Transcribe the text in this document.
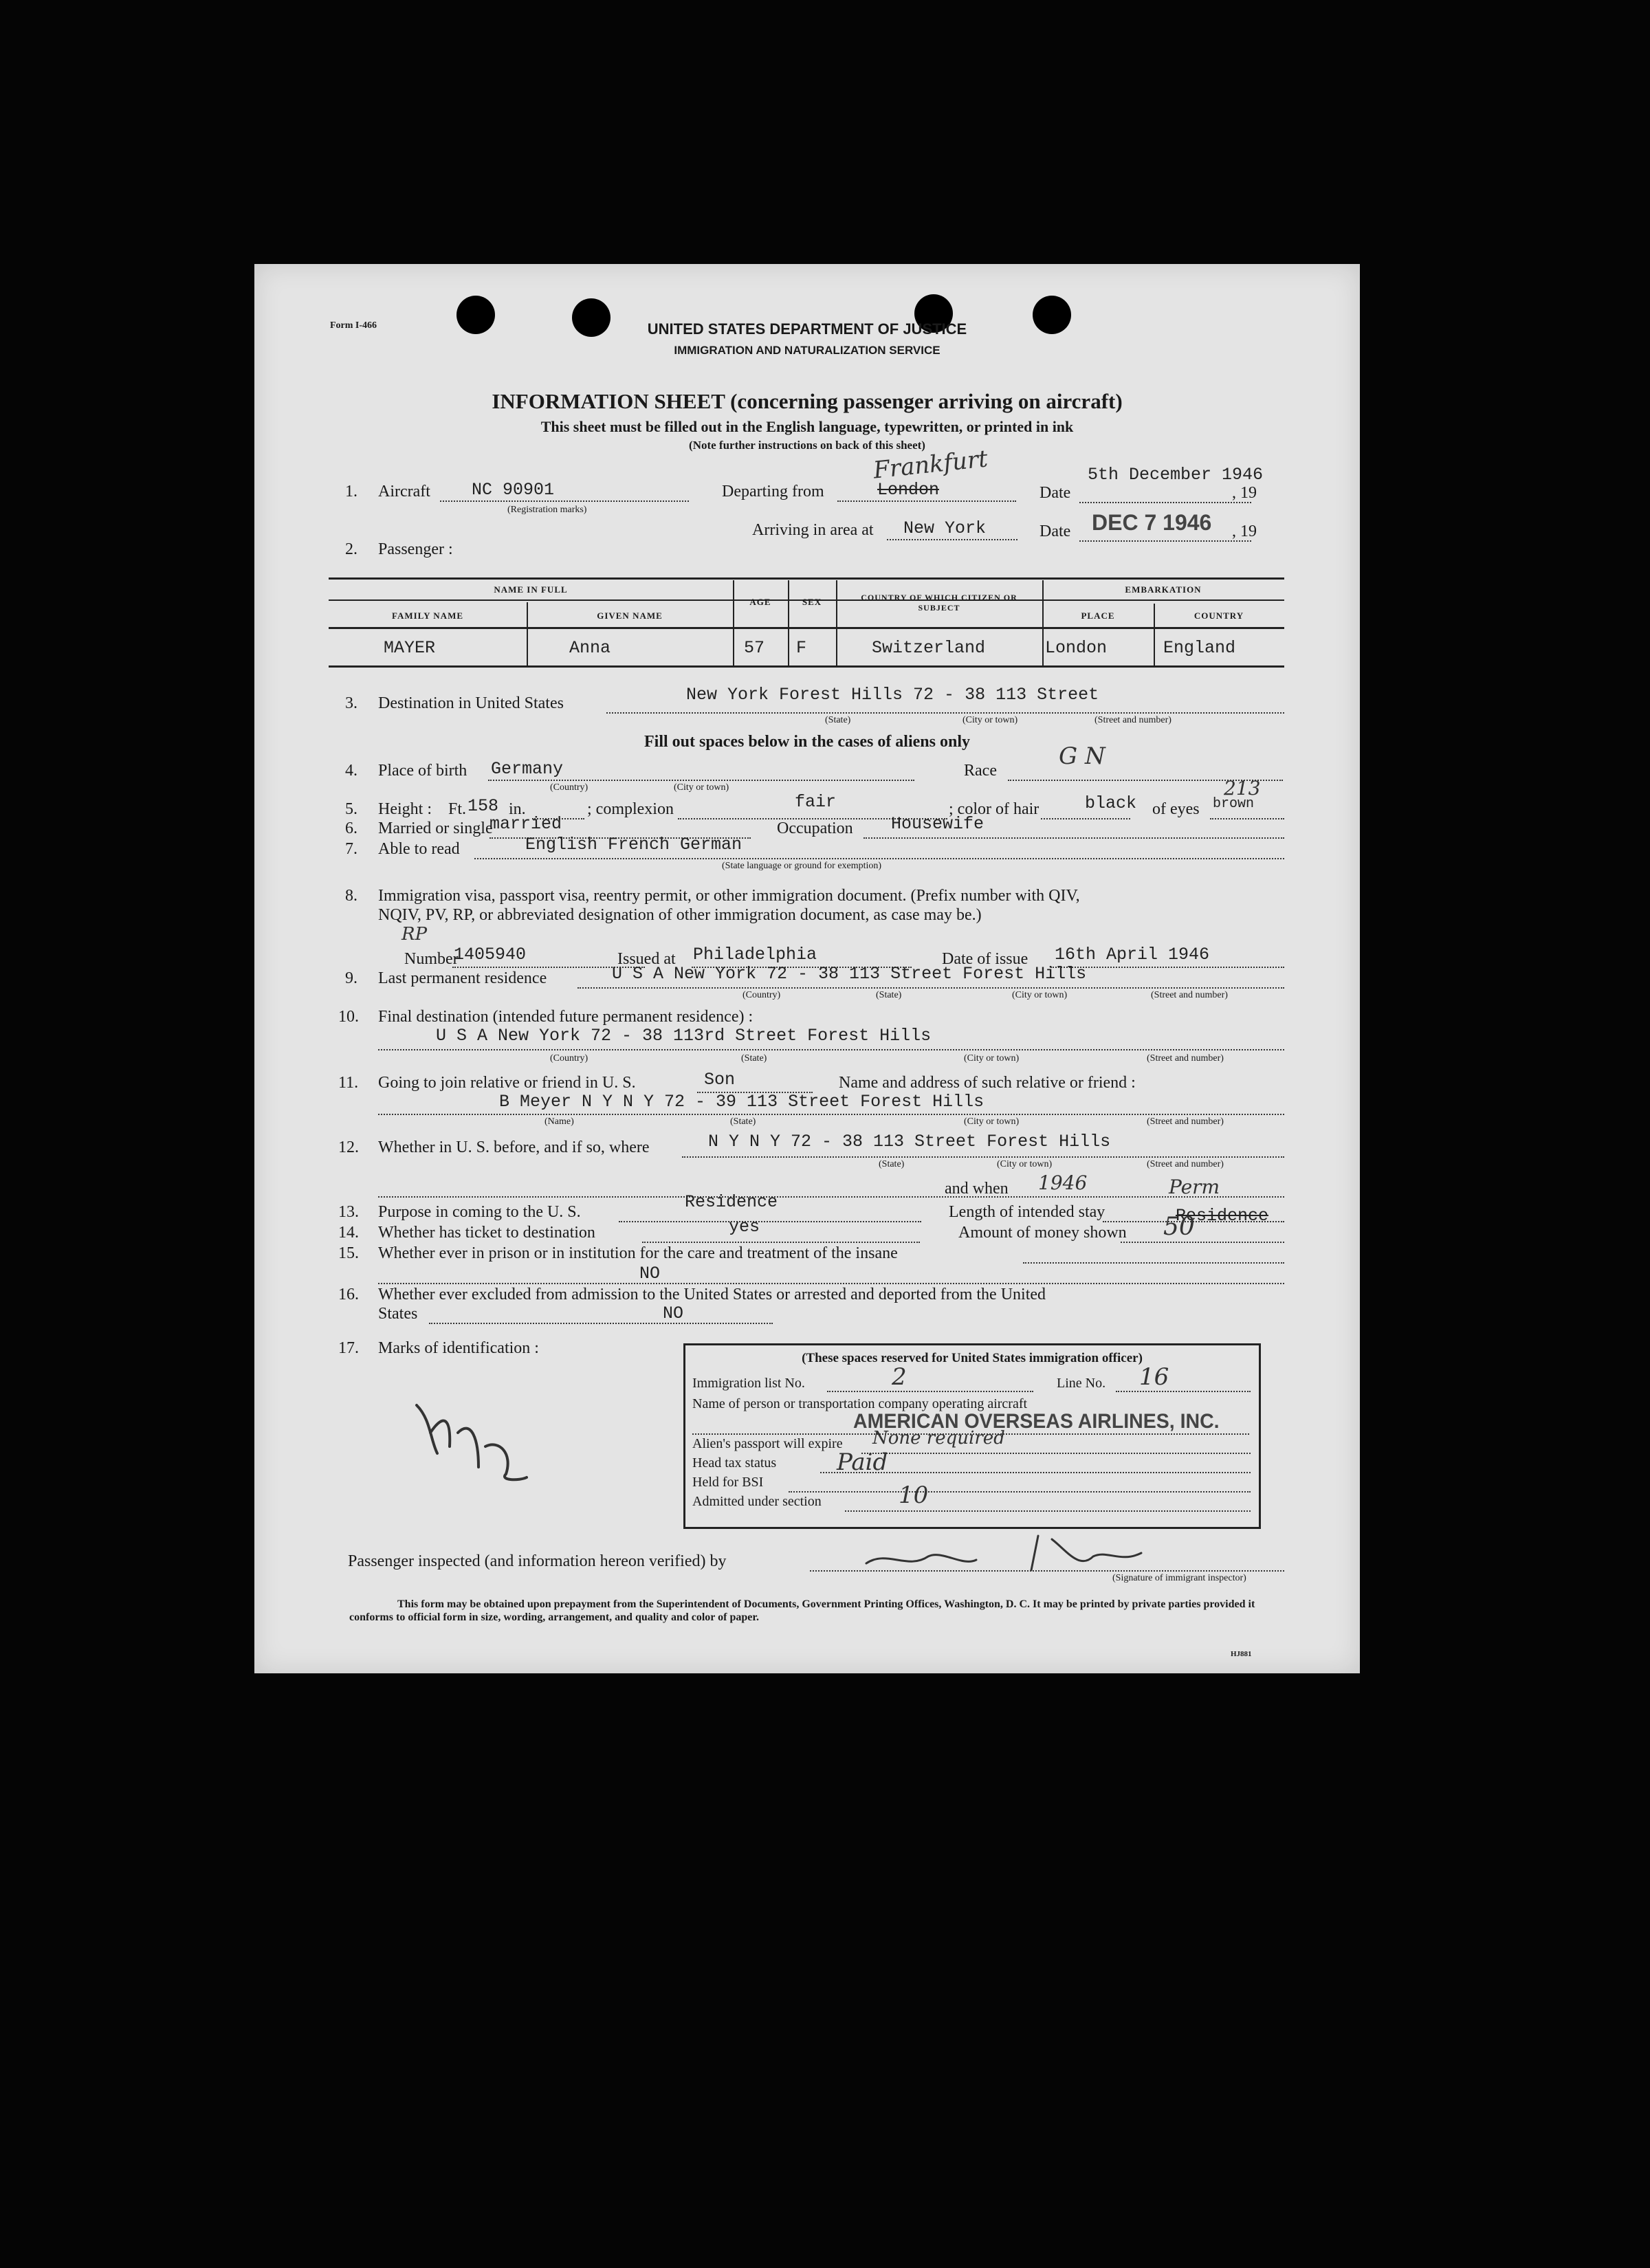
Form I-466	UNITED STATES DEPARTMENT OF JUSTICE
IMMIGRATION AND NATURALIZATION SERVICE
INFORMATION SHEET (concerning passenger arriving on aircraft)
This sheet must be filled out in the English language, typewritten, or printed in ink
(Note further instructions on back of this sheet)
1. Aircraft NC 90901
(Registration marks)
Departing from	London
Frankfurt
Date
5th December 1946
, 19
Arriving in area at New York	Date DEC 7 1946 , 19
2. Passenger :
NAME IN FULL
FAMILY NAME	GIVEN NAME
AGE	SEX	COUNTRY OF WHICH CITIZEN OR SUBJECT
EMBARKATION
PLACE	COUNTRY
MAYER	Anna	57 F	Switzerland	London	England
3. Destination in United States	New York Forest Hills 72 - 38 113 Street
(State)	(City or town)	(Street and number)
Fill out spaces below in the cases of aliens only
4. Place of birth Germany
(Country)	(City or town)
Race
G N
5. Height : Ft. 158 in.	; complexion	fair	; color of hair	black of eyes brown
213
6. Married or single
married	Occupation Housewife
7. Able to read	English French German
(State language or ground for exemption)
8. Immigration visa, passport visa, reentry permit, or other immigration document. (Prefix number with QIV,
NQIV, PV, RP, or abbreviated designation of other immigration document, as case may be.)
Number
RP
1405940	Issued at Philadelphia	Date of issue 16th April 1946
9. Last permanent residence	U S A New York 72 - 38 113 Street Forest Hills
(Country)	(State)	(City or town)	(Street and number)
10. Final destination (intended future permanent residence) :
U S A New York 72 - 38 113rd Street Forest Hills
(Country)	(State)	(City or town)	(Street and number)
11. Going to join relative or friend in U. S.	Son	Name and address of such relative or friend :
B Meyer N Y N Y 72 - 39 113 Street Forest Hills
(Name)	(State)	(City or town)	(Street and number)
12. Whether in U. S. before, and if so, where	N Y N Y 72 - 38 113 Street Forest Hills
(State)	(City or town)	(Street and number)
and when 1946
13. Purpose in coming to the U. S.	Residence	Length of intended stay	Residence
Perm
14. Whether has ticket to destination	yes	Amount of money shown 50
15. Whether ever in prison or in institution for the care and treatment of the insane
NO
16. Whether ever excluded from admission to the United States or arrested and deported from the United
States	NO
17. Marks of identification :
(These spaces reserved for United States immigration officer)
Immigration list No.	2	Line No. 16
Name of person or transportation company operating aircraft
AMERICAN OVERSEAS AIRLINES, INC.
Alien's passport will expire None required
Head tax status	Paid
Held for BSI
Admitted under section	10
Passenger inspected (and information hereon verified) by
(Signature of immigrant inspector)
This form may be obtained upon prepayment from the Superintendent of Documents, Government Printing Offices, Washington, D. C. It may be printed by private parties provided it conforms to official form in size, wording, arrangement, and quality and color of paper.
HJ881
